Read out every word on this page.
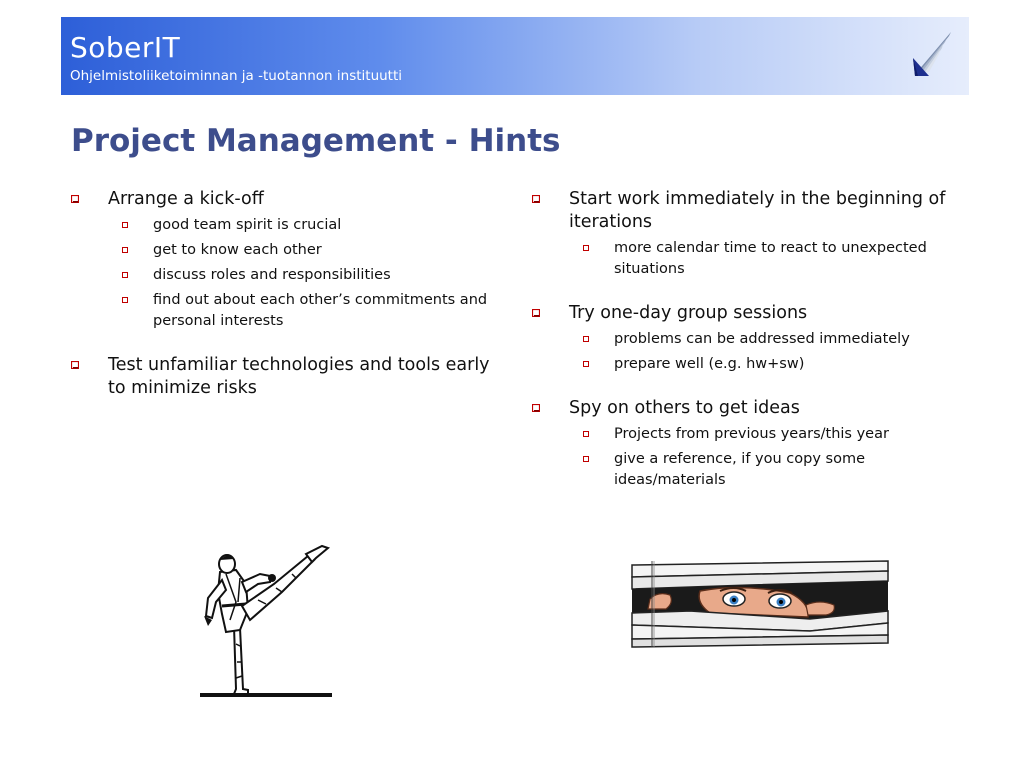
SoberIT
Ohjelmistoliiketoiminnan ja -tuotannon instituutti
Project Management - Hints
Arrange a kick-off
good team spirit is crucial
get to know each other
discuss roles and responsibilities
find out about each other’s commitments and personal interests
Test unfamiliar technologies and tools early to minimize risks
Start work immediately in the beginning of iterations
more calendar time to react to unexpected situations
Try one-day group sessions
problems can be addressed immediately
prepare well (e.g. hw+sw)
Spy on others to get ideas
Projects from previous years/this year
give a reference, if you copy some ideas/materials
